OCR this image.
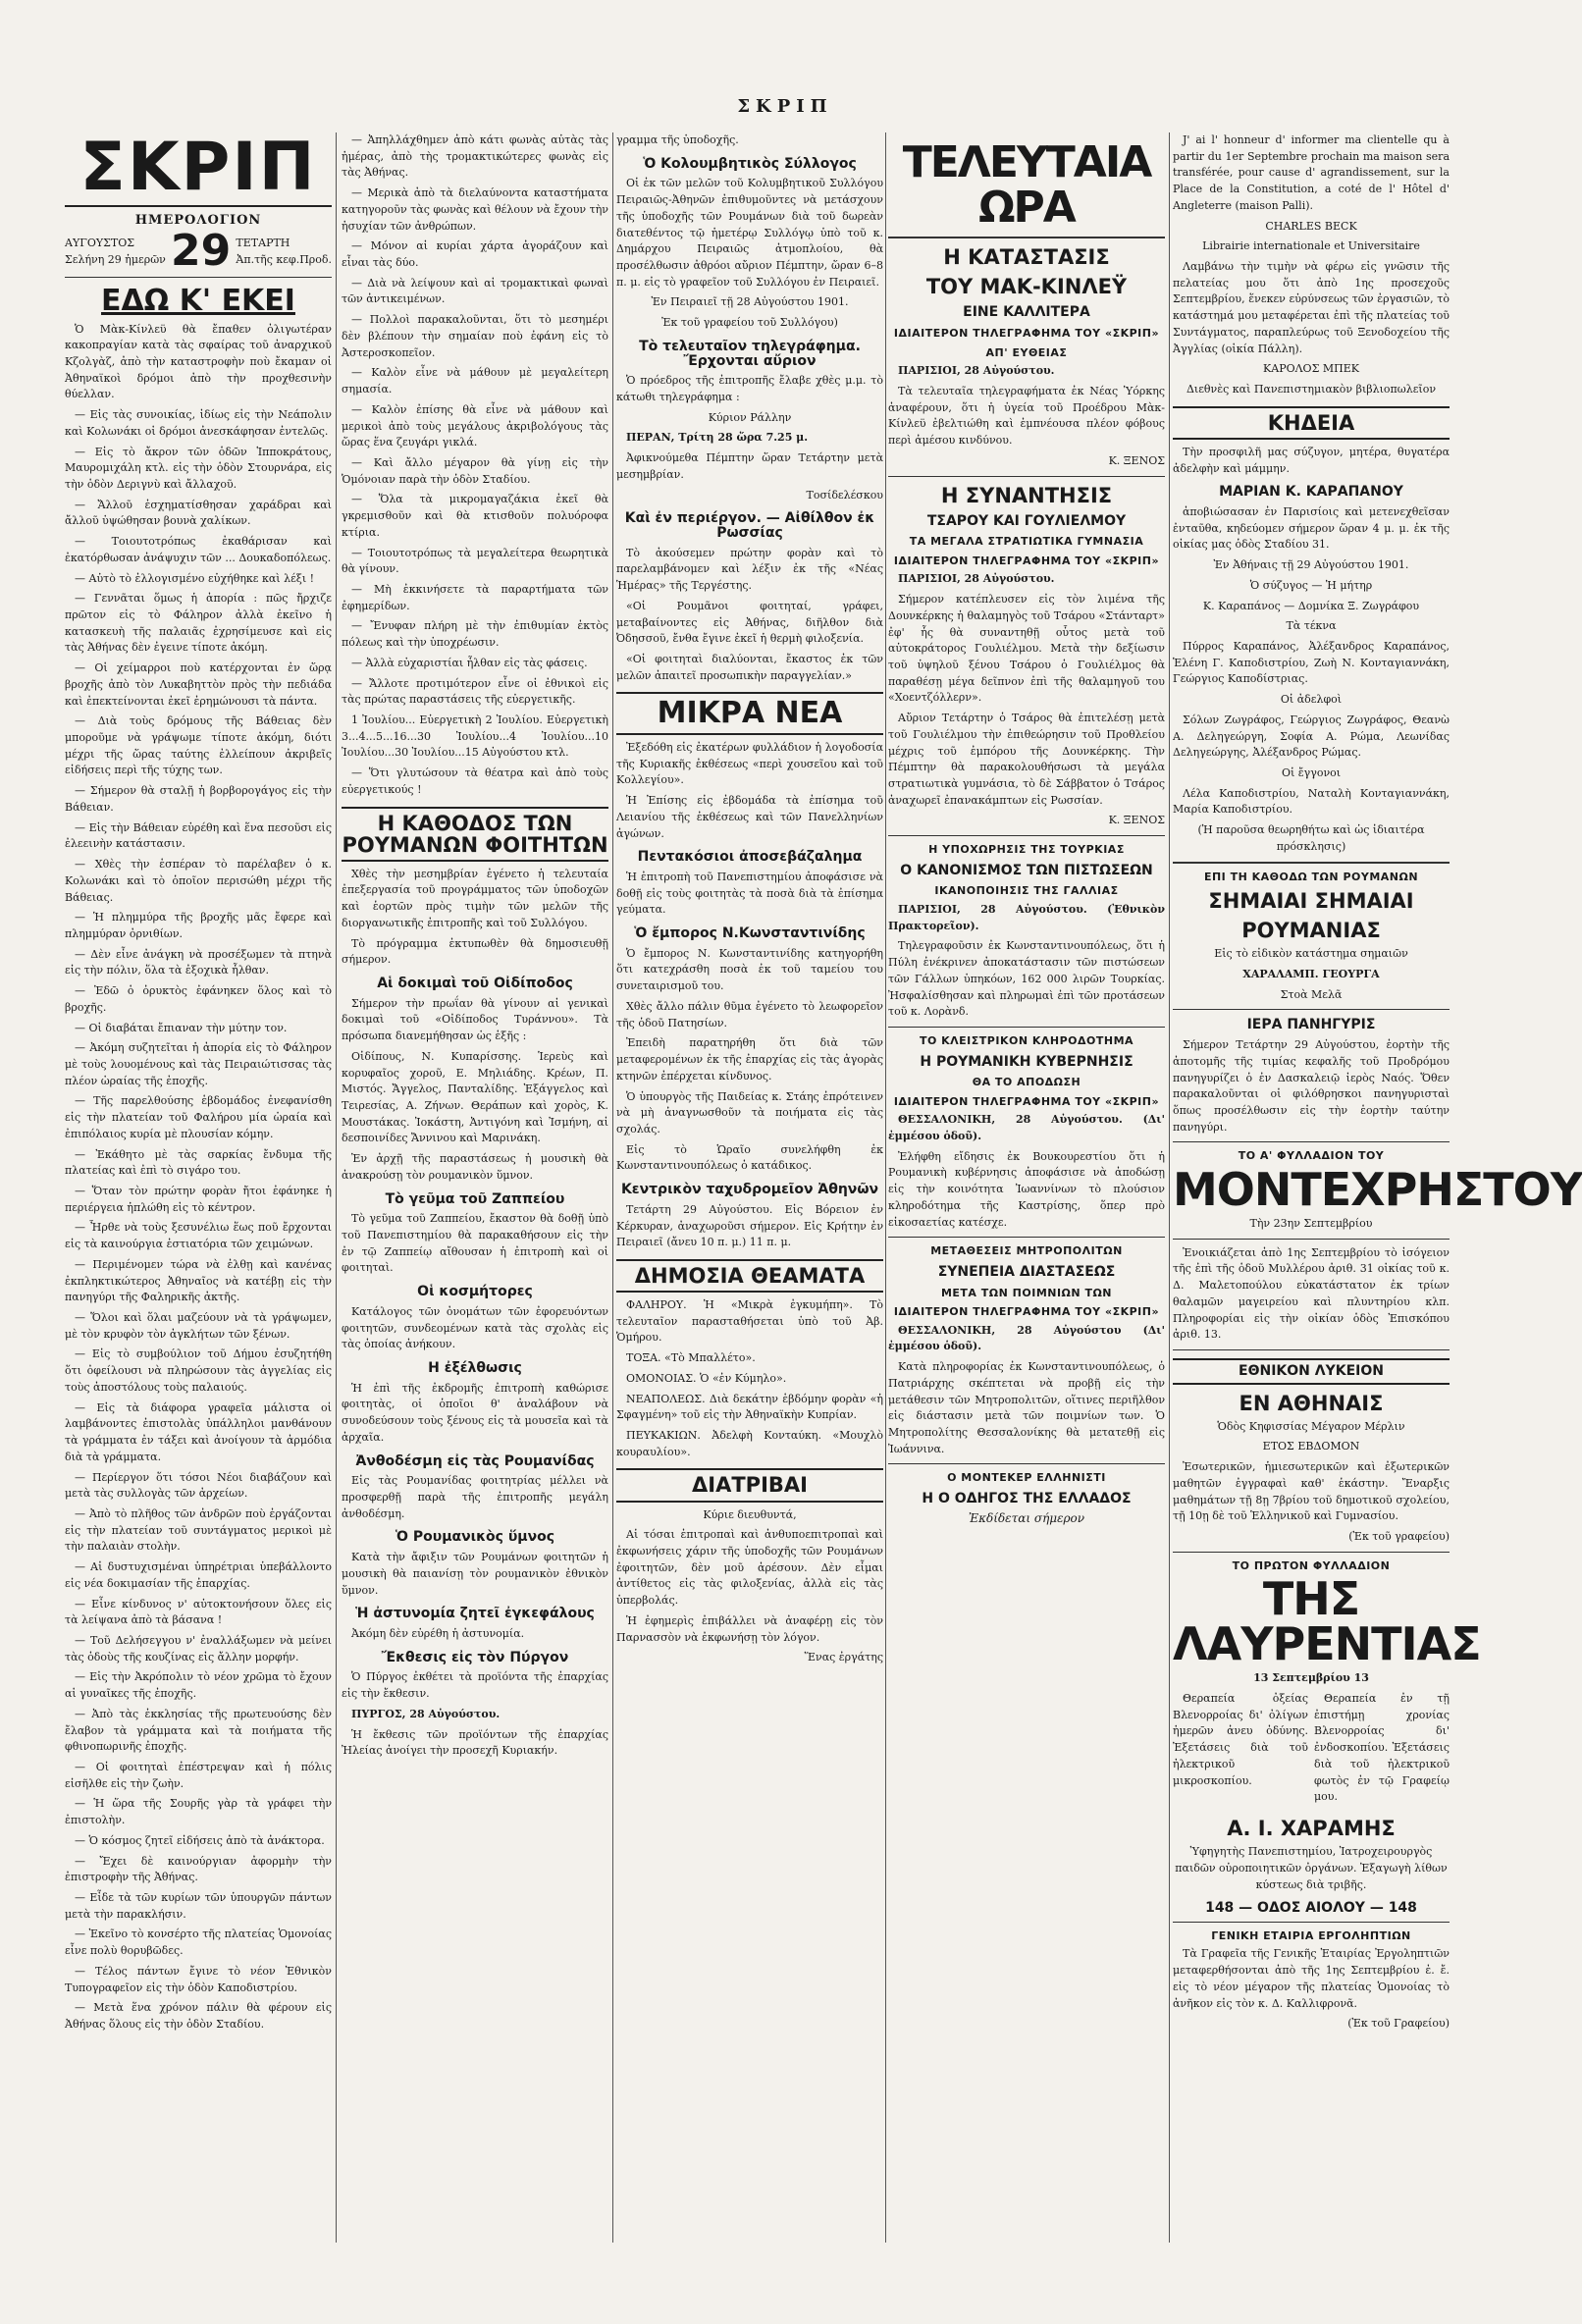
ΣΚΡΙΠ
ΣΚΡΙΠ
ΗΜΕΡΟΛΟΓΙΟΝ
ΑΥΓΟΥΣΤΟΣ
Σελήνη 29 ἡμερῶν 29 ΤΕΤΑΡΤΗ
Ἀπ.τῆς κεφ.Προδ.
ΕΔΩ Κ' ΕΚΕΙ

Ὁ Μὰκ-Κίνλεϋ θὰ ἔπαθεν ὀλιγωτέραν κακοπραγίαν κατὰ τὰς σφαίρας τοῦ ἀναρχικοῦ Κζολγὰζ, ἀπὸ τὴν καταστροφὴν ποὺ ἔκαμαν οἱ Ἀθηναϊκοὶ δρόμοι ἀπὸ τὴν προχθεσινὴν θύελλαν.

— Εἰς τὰς συνοικίας, ἰδίως εἰς τὴν Νεάπολιν καὶ Κολωνάκι οἱ δρόμοι ἀνεσκάφησαν ἐντελῶς.

— Εἰς τὸ ἄκρον τῶν ὁδῶν Ἱπποκράτους, Μαυρομιχάλη κτλ. εἰς τὴν ὁδὸν Στουρνάρα, εἰς τὴν ὁδὸν Δεριγνὺ καὶ ἄλλαχοῦ.

— Ἄλλοῦ ἐσχηματίσθησαν χαράδραι καὶ ἄλλοῦ ὑψώθησαν βουνὰ χαλίκων.

— Τοιουτοτρόπως ἐκαθάρισαν καὶ ἐκατόρθωσαν ἀνάψυχιν τῶν ... Δουκαδοπόλεως.

— Αὐτὸ τὸ ἐλλογισμένο εὐχήθηκε καὶ λέξι !

— Γεννᾶται ὅμως ἡ ἀπορία : πῶς ἤρχιζε πρῶτον εἰς τὸ Φάληρον ἀλλὰ ἐκεῖνο ἡ κατασκευὴ τῆς παλαιᾶς ἐχρησίμευσε καὶ εἰς τὰς Ἀθήνας δὲν ἐγεινε τίποτε ἀκόμη.

— Οἱ χείμαρροι ποὺ κατέρχονται ἐν ὥρᾳ βροχῆς ἀπὸ τὸν Λυκαβηττὸν πρὸς τὴν πεδιάδα καὶ ἐπεκτείνονται ἐκεῖ ἐρημώνουσι τὰ πάντα.

— Διὰ τοὺς δρόμους τῆς Βάθειας δὲν μποροῦμε νὰ γράψωμε τίποτε ἀκόμη, διότι μέχρι τῆς ὥρας ταύτης ἐλλείπουν ἀκριβεῖς εἰδήσεις περὶ τῆς τύχης των.

— Σήμερον θὰ σταλῇ ἡ βορβορογάγος εἰς τὴν Βάθειαν.

— Εἰς τὴν Βάθειαν εὑρέθη καὶ ἕνα πεσοῦσι εἰς ἐλεεινὴν κατάστασιν.

— Χθὲς τὴν ἑσπέραν τὸ παρέλαβεν ὁ κ. Κολωνάκι καὶ τὸ ὁποῖον περισώθη μέχρι τῆς Βάθειας.

— Ἡ πλημμύρα τῆς βροχῆς μᾶς ἔφερε καὶ πλημμύραν ὀρνιθίων.

— Δὲν εἶνε ἀνάγκη νὰ προσέξωμεν τὰ πτηνὰ εἰς τὴν πόλιν, ὅλα τὰ ἐξοχικὰ ἦλθαν.

— Ἐδῶ ὁ ὀρυκτὸς ἐφάνηκεν ὅλος καὶ τὸ βροχῆς.

— Οἱ διαβάται ἔπιαναν τὴν μύτην τον.

— Ἀκόμη συζητεῖται ἡ ἀπορία εἰς τὸ Φάληρον μὲ τοὺς λουομένους καὶ τὰς Πειραιώτισσας τὰς πλέον ὡραίας τῆς ἐποχῆς.

— Τῆς παρελθούσης ἑβδομάδος ἐνεφανίσθη εἰς τὴν πλατείαν τοῦ Φαλήρου μία ὡραία καὶ ἐπιπόλαιος κυρία μὲ πλουσίαν κόμην.

— Ἐκάθητο μὲ τὰς σαρκίας ἔνδυμα τῆς πλατείας καὶ ἐπὶ τὸ σιγάρο του.

— Ὅταν τὸν πρώτην φορὰν ἤτοι ἐφάνηκε ἡ περιέργεια ἠπλώθη εἰς τὸ κέντρον.

— Ἦρθε νὰ τοὺς ξεσυνέλιω ἕως ποῦ ἔρχονται εἰς τὰ καινούργια ἐστιατόρια τῶν χειμώνων.

— Περιμένομεν τώρα νὰ ἐλθῃ καὶ κανένας ἐκπληκτικώτερος Ἀθηναῖος νὰ κατέβῃ εἰς τὴν πανηγύρι τῆς Φαληρικῆς ἀκτῆς.

— Ὅλοι καὶ ὅλαι μαζεύουν νὰ τὰ γράψωμεν, μὲ τὸν κρυφὸν τὸν ἀγκλήτων τῶν ξένων.

— Εἰς τὸ συμβούλιον τοῦ Δήμου ἐσυζητήθη ὅτι ὀφείλουσι νὰ πληρώσουν τὰς ἀγγελίας εἰς τοὺς ἀποστόλους τοὺς παλαιούς.

— Εἰς τὰ διάφορα γραφεῖα μάλιστα οἱ λαμβάνοντες ἐπιστολὰς ὑπάλληλοι μανθάνουν τὰ γράμματα ἐν τάξει καὶ ἀνοίγουν τὰ ἀρμόδια διὰ τὰ γράμματα.

— Περίεργον ὅτι τόσοι Νέοι διαβάζουν καὶ μετὰ τὰς συλλογὰς τῶν ἀρχείων.

— Ἀπὸ τὸ πλῆθος τῶν ἀνδρῶν ποὺ ἐργάζονται εἰς τὴν πλατείαν τοῦ συντάγματος μερικοὶ μὲ τὴν παλαιὰν στολὴν.

— Αἱ δυστυχισμέναι ὑπηρέτριαι ὑπεβάλλοντο εἰς νέα δοκιμασίαν τῆς ἐπαρχίας.

— Εἶνε κίνδυνος ν' αὐτοκτονήσουν ὅλες εἰς τὰ λείψανα ἀπὸ τὰ βάσανα !

— Τοῦ Δελήσεγγου ν' ἐναλλάξωμεν νὰ μείνει τὰς ὁδοὺς τῆς κουζίνας εἰς ἄλλην μορφήν.

— Εἰς τὴν Ἀκρόπολιν τὸ νέον χρῶμα τὸ ἔχουν αἱ γυναῖκες τῆς ἐποχῆς.

— Ἀπὸ τὰς ἐκκλησίας τῆς πρωτευούσης δὲν ἔλαβον τὰ γράμματα καὶ τὰ ποιήματα τῆς φθινοπωρινῆς ἐποχῆς.

— Οἱ φοιτηταὶ ἐπέστρεψαν καὶ ἡ πόλις εἰσῆλθε εἰς τὴν ζωὴν.

— Ἡ ὥρα τῆς Σουρῆς γὰρ τὰ γράφει τὴν ἐπιστολὴν.

— Ὁ κόσμος ζητεῖ εἰδήσεις ἀπὸ τὰ ἀνάκτορα.

— Ἔχει δὲ καινούργιαν ἀφορμὴν τὴν ἐπιστροφὴν τῆς Ἀθήνας.

— Εἶδε τὰ τῶν κυρίων τῶν ὑπουργῶν πάντων μετὰ τὴν παρακλήσιν.

— Ἐκεῖνο τὸ κονσέρτο τῆς πλατείας Ὁμονοίας εἶνε πολὺ θορυβῶδες.

— Τέλος πάντων ἔγινε τὸ νέον Ἐθνικὸν Τυπογραφεῖον εἰς τὴν ὁδὸν Καποδιστρίου.

— Μετὰ ἕνα χρόνον πάλιν θὰ φέρουν εἰς Ἀθήνας ὅλους εἰς τὴν ὁδὸν Σταδίου.

— Ἀπηλλάχθημεν ἀπὸ κάτι φωνὰς αὐτὰς τὰς ἡμέρας, ἀπὸ τὴς τρομακτικώτερες φωνὰς εἰς τὰς Ἀθήνας.

— Μερικὰ ἀπὸ τὰ διελαύνοντα καταστήματα κατηγοροῦν τὰς φωνὰς καὶ θέλουν νὰ ἔχουν τὴν ἡσυχίαν τῶν ἀνθρώπων.

— Μόνον αἱ κυρίαι χάρτα ἀγοράζουν καὶ εἶναι τὰς δύο.

— Διὰ νὰ λείψουν καὶ αἱ τρομακτικαὶ φωναὶ τῶν ἀντικειμένων.

— Πολλοὶ παρακαλοῦνται, ὅτι τὸ μεσημέρι δὲν βλέπουν τὴν σημαίαν ποὺ ἐφάνη εἰς τὸ Ἀστεροσκοπεῖον.

— Καλὸν εἶνε νὰ μάθουν μὲ μεγαλείτερη σημασία.

— Καλὸν ἐπίσης θὰ εἶνε νὰ μάθουν καὶ μερικοὶ ἀπὸ τοὺς μεγάλους ἀκριβολόγους τὰς ὥρας ἕνα ζευγάρι γικλά.

— Καὶ ἄλλο μέγαρον θὰ γίνῃ εἰς τὴν Ὁμόνοιαν παρὰ τὴν ὁδὸν Σταδίου.

— Ὅλα τὰ μικρομαγαζάκια ἐκεῖ θὰ γκρεμισθοῦν καὶ θὰ κτισθοῦν πολυόροφα κτίρια.

— Τοιουτοτρόπως τὰ μεγαλείτερα θεωρητικὰ θὰ γίνουν.

— Μὴ ἐκκινήσετε τὰ παραρτήματα τῶν ἐφημερίδων.

— Ἔνυφαν πλήρη μὲ τὴν ἐπιθυμίαν ἐκτὸς πόλεως καὶ τὴν ὑποχρέωσιν.

— Ἀλλὰ εὐχαριστίαι ἦλθαν εἰς τὰς φάσεις.

— Ἄλλοτε προτιμότερον εἶνε οἱ ἐθνικοὶ εἰς τὰς πρώτας παραστάσεις τῆς εὐεργετικῆς.

1 Ἰουλίου... Εὐεργετικὴ 2 Ἰουλίου. Εὐεργετικὴ 3...4...5...16...30 Ἰουλίου...4 Ἰουλίου...10 Ἰουλίου...30 Ἰουλίου...15 Αὐγούστου κτλ.

— Ὅτι γλυτώσουν τὰ θέατρα καὶ ἀπὸ τοὺς εὐεργετικούς !

Η ΚΑΘΟΔΟΣ ΤΩΝ ΡΟΥΜΑΝΩΝ ΦΟΙΤΗΤΩΝ

Χθὲς τὴν μεσημβρίαν ἐγένετο ἡ τελευταία ἐπεξεργασία τοῦ προγράμματος τῶν ὑποδοχῶν καὶ ἑορτῶν πρὸς τιμὴν τῶν μελῶν τῆς διοργανωτικῆς ἐπιτροπῆς καὶ τοῦ Συλλόγου.

Τὸ πρόγραμμα ἐκτυπωθὲν θὰ δημοσιευθῇ σήμερον.

Αἱ δοκιμαὶ τοῦ Οἰδίποδος

Σήμερον τὴν πρωΐαν θὰ γίνουν αἱ γενικαὶ δοκιμαὶ τοῦ «Οἰδίποδος Τυράννου». Τὰ πρόσωπα διανεμήθησαν ὡς ἑξῆς :

Οἰδίπους, Ν. Κυπαρίσσης. Ἱερεὺς καὶ κορυφαῖος χοροῦ, Ε. Μηλιάδης. Κρέων, Π. Μιστός. Ἄγγελος, Πανταλίδης. Ἐξάγγελος καὶ Τειρεσίας, Α. Ζήνων. Θεράπων καὶ χορὸς, Κ. Μουστάκας. Ἰοκάστη, Ἀντιγόνη καὶ Ἰσμήνη, αἱ δεσποινίδες Ἄννινου καὶ Μαρινάκη.

Ἐν ἀρχῇ τῆς παραστάσεως ἡ μουσικὴ θὰ ἀνακρούσῃ τὸν ρουμανικὸν ὕμνον.

Τὸ γεῦμα τοῦ Ζαππείου

Τὸ γεῦμα τοῦ Ζαππείου, ἔκαστον θὰ δοθῇ ὑπὸ τοῦ Πανεπιστημίου θὰ παρακαθήσουν εἰς τὴν ἐν τῷ Ζαππείῳ αἴθουσαν ἡ ἐπιτροπὴ καὶ οἱ φοιτηταὶ.

Οἱ κοσμήτορες

Κατάλογος τῶν ὀνομάτων τῶν ἐφορευόντων φοιτητῶν, συνδεομένων κατὰ τὰς σχολὰς εἰς τὰς ὁποίας ἀνήκουν.

Η ἐξέλθωσις

Ἡ ἐπὶ τῆς ἐκδρομῆς ἐπιτροπὴ καθώρισε φοιτητὰς, οἱ ὁποῖοι θ' ἀναλάβουν νὰ συνοδεύσουν τοὺς ξένους εἰς τὰ μουσεῖα καὶ τὰ ἀρχαῖα.

Ἀνθοδέσμη εἰς τὰς Ρουμανίδας

Εἰς τὰς Ρουμανίδας φοιτητρίας μέλλει νὰ προσφερθῇ παρὰ τῆς ἐπιτροπῆς μεγάλη ἀνθοδέσμη.

Ὁ Ρουμανικὸς ὕμνος

Κατὰ τὴν ἄφιξιν τῶν Ρουμάνων φοιτητῶν ἡ μουσικὴ θὰ παιανίσῃ τὸν ρουμανικὸν ἐθνικὸν ὕμνον.

Ἡ ἀστυνομία ζητεῖ ἐγκεφάλους

Ἀκόμη δὲν εὑρέθη ἡ ἀστυνομία.

Ἔκθεσις εἰς τὸν Πύργον

Ὁ Πύργος ἐκθέτει τὰ προϊόντα τῆς ἐπαρχίας εἰς τὴν ἔκθεσιν.

ΠΥΡΓΟΣ, 28 Αὐγούστου.

Ἡ ἔκθεσις τῶν προϊόντων τῆς ἐπαρχίας Ἠλείας ἀνοίγει τὴν προσεχῆ Κυριακήν.

γραμμα τῆς ὑποδοχῆς.

Ὁ Κολουμβητικὸς Σύλλογος

Οἱ ἐκ τῶν μελῶν τοῦ Κολυμβητικοῦ Συλλόγου Πειραιῶς-Ἀθηνῶν ἐπιθυμοῦντες νὰ μετάσχουν τῆς ὑποδοχῆς τῶν Ρουμάνων διὰ τοῦ δωρεὰν διατεθέντος τῷ ἡμετέρῳ Συλλόγῳ ὑπὸ τοῦ κ. Δημάρχου Πειραιῶς ἀτμοπλοίου, θὰ προσέλθωσιν ἀθρόοι αὔριον Πέμπτην, ὥραν 6–8 π. μ. εἰς τὸ γραφεῖον τοῦ Συλλόγου ἐν Πειραιεῖ.

Ἐν Πειραιεῖ τῇ 28 Αὐγούστου 1901.

Ἐκ τοῦ γραφείου τοῦ Συλλόγου)

Τὸ τελευταῖον τηλεγράφημα. Ἔρχονται αὔριον

Ὁ πρόεδρος τῆς ἐπιτροπῆς ἔλαβε χθὲς μ.μ. τὸ κάτωθι τηλεγράφημα :

Κύριον Ράλλην

ΠΕΡΑΝ, Τρίτη 28 ὥρα 7.25 μ.

Ἀφικνούμεθα Πέμπτην ὥραν Τετάρτην μετὰ μεσημβρίαν.

Τοσίδελέσκου

Καὶ ἐν περιέργον. — Αἰθίλθον ἐκ Ρωσσίας

Τὸ ἀκούσεμεν πρώτην φορὰν καὶ τὸ παρελαμβάνομεν καὶ λέξιν ἐκ τῆς «Νέας Ἡμέρας» τῆς Τεργέστης.

«Οἱ Ρουμᾶνοι φοιτηταί, γράφει, μεταβαίνοντες εἰς Ἀθήνας, διῆλθον διὰ Ὀδησσοῦ, ἔνθα ἔγινε ἐκεῖ ἡ θερμὴ φιλοξενία.

«Οἱ φοιτηταὶ διαλύονται, ἔκαστος ἐκ τῶν μελῶν ἀπαιτεῖ προσωπικὴν παραγγελίαν.»

ΜΙΚΡΑ ΝΕΑ

Ἐξεδόθη εἰς ἐκατέρων φυλλάδιον ἡ λογοδοσία τῆς Κυριακῆς ἐκθέσεως «περὶ χουσεῖου καὶ τοῦ Κολλεγίου».

Ἡ Ἐπίσης εἰς ἐβδομάδα τὰ ἐπίσημα τοῦ Λειανίου τῆς ἐκθέσεως καὶ τῶν Πανελληνίων ἀγώνων.

Πεντακόσιοι ἀποσεβάζαλημα

Ἡ ἐπιτροπὴ τοῦ Πανεπιστημίου ἀποφάσισε νὰ δοθῇ εἰς τοὺς φοιτητὰς τὰ ποσὰ διὰ τὰ ἐπίσημα γεύματα.

Ὁ ἔμπορος Ν.Κωνσταντινίδης

Ὁ ἔμπορος Ν. Κωνσταντινίδης κατηγορήθη ὅτι κατεχράσθη ποσὰ ἐκ τοῦ ταμείου του συνεταιρισμοῦ του.

Χθὲς ἄλλο πάλιν θῦμα ἐγένετο τὸ λεωφορεῖον τῆς ὁδοῦ Πατησίων.

Ἐπειδὴ παρατηρήθη ὅτι διὰ τῶν μεταφερομένων ἐκ τῆς ἐπαρχίας εἰς τὰς ἀγορὰς κτηνῶν ἐπέρχεται κίνδυνος.

Ὁ ὑπουργὸς τῆς Παιδείας κ. Στάης ἐπρότεινεν νὰ μὴ ἀναγνωσθοῦν τὰ ποιήματα εἰς τὰς σχολάς.

Εἰς τὸ Ὡραῖο συνελήφθη ἐκ Κωνσταντινουπόλεως ὁ κατάδικος.

Κεντρικὸν ταχυδρομεῖον Ἀθηνῶν

Τετάρτη 29 Αὐγούστου. Εἰς Βόρειον ἐν Κέρκυραν, ἀναχωροῦσι σήμερον. Εἰς Κρήτην ἐν Πειραιεῖ (ἄνευ 10 π. μ.) 11 π. μ.

ΔΗΜΟΣΙΑ ΘΕΑΜΑΤΑ

ΦΑΛΗΡΟΥ. Ἡ «Μικρὰ ἐγκυμήπη». Τὸ τελευταῖον παρασταθήσεται ὑπὸ τοῦ Ἀβ. Ὁμήρου.

ΤΟΞΑ. «Τὸ Μπαλλέτο».

ΟΜΟΝΟΙΑΣ. Ὁ «ἐν Κύμηλο».

ΝΕΑΠΟΛΕΩΣ. Διὰ δεκάτην ἑβδόμην φορὰν «ἡ Σφαγμένη» τοῦ εἰς τὴν Ἀθηναϊκὴν Κυπρίαν.

ΠΕΥΚΑΚΙΩΝ. Ἀδελφὴ Κονταύκη. «Μουχλὸ κουραυλίου».

ΔΙΑΤΡΙΒΑΙ

Κύριε διευθυντά,

Αἱ τόσαι ἐπιτροπαὶ καὶ ἀνθυποεπιτροπαὶ καὶ ἐκφωνήσεις χάριν τῆς ὑποδοχῆς τῶν Ρουμάνων ἐφοιτητῶν, δὲν μοῦ ἀρέσουν. Δὲν εἶμαι ἀντίθετος εἰς τὰς φιλοξενίας, ἀλλὰ εἰς τὰς ὑπερβολάς.

Ἡ ἐφημερὶς ἐπιβάλλει νὰ ἀναφέρῃ εἰς τὸν Παρνασσὸν νὰ ἐκφωνήσῃ τὸν λόγον.

Ἕνας ἐργάτης

ΤΕΛΕΥΤΑΙΑ ΩΡΑ
Η ΚΑΤΑΣΤΑΣΙΣ
ΤΟΥ ΜΑΚ-ΚΙΝΛΕΫ
ΕΙΝΕ ΚΑΛΛΙΤΕΡΑ
ΙΔΙΑΙΤΕΡΟΝ ΤΗΛΕΓΡΑΦΗΜΑ ΤΟΥ «ΣΚΡΙΠ»
ΑΠ' ΕΥΘΕΙΑΣ

ΠΑΡΙΣΙΟΙ, 28 Αὐγούστου.

Τὰ τελευταῖα τηλεγραφήματα ἐκ Νέας Ὑόρκης ἀναφέρουν, ὅτι ἡ ὑγεία τοῦ Προέδρου Μὰκ-Κίνλεϋ ἐβελτιώθη καὶ ἐμπνέουσα πλέον φόβους περὶ ἀμέσου κινδύνου.

Κ. ΞΕΝΟΣ

Η ΣΥΝΑΝΤΗΣΙΣ
ΤΣΑΡΟΥ ΚΑΙ ΓΟΥΛΙΕΛΜΟΥ
ΤΑ ΜΕΓΑΛΑ ΣΤΡΑΤΙΩΤΙΚΑ ΓΥΜΝΑΣΙΑ
ΙΔΙΑΙΤΕΡΟΝ ΤΗΛΕΓΡΑΦΗΜΑ ΤΟΥ «ΣΚΡΙΠ»

ΠΑΡΙΣΙΟΙ, 28 Αὐγούστου.

Σήμερον κατέπλευσεν εἰς τὸν λιμένα τῆς Δουνκέρκης ἡ θαλαμηγὸς τοῦ Τσάρου «Στάνταρτ» ἐφ' ἧς θὰ συναντηθῇ οὗτος μετὰ τοῦ αὐτοκράτορος Γουλιέλμου. Μετὰ τὴν δεξίωσιν τοῦ ὑψηλοῦ ξένου Τσάρου ὁ Γουλιέλμος θὰ παραθέσῃ μέγα δεῖπνον ἐπὶ τῆς θαλαμηγοῦ του «Χοεντζόλλερν».

Αὔριον Τετάρτην ὁ Τσάρος θὰ ἐπιτελέσῃ μετὰ τοῦ Γουλιέλμου τὴν ἐπιθεώρησιν τοῦ Προθλείου μέχρις τοῦ ἐμπόρου τῆς Δουνκέρκης. Τὴν Πέμπτην θὰ παρακολουθήσωσι τὰ μεγάλα στρατιωτικὰ γυμνάσια, τὸ δὲ Σάββατον ὁ Τσάρος ἀναχωρεῖ ἐπανακάμπτων εἰς Ρωσσίαν.

Κ. ΞΕΝΟΣ

Η ΥΠΟΧΩΡΗΣΙΣ ΤΗΣ ΤΟΥΡΚΙΑΣ
Ο ΚΑΝΟΝΙΣΜΟΣ ΤΩΝ ΠΙΣΤΩΣΕΩΝ
ΙΚΑΝΟΠΟΙΗΣΙΣ ΤΗΣ ΓΑΛΛΙΑΣ

ΠΑΡΙΣΙΟΙ, 28 Αὐγούστου. (Ἐθνικὸν Πρακτορεῖον).

Τηλεγραφοῦσιν ἐκ Κωνσταντινουπόλεως, ὅτι ἡ Πύλη ἐνέκρινεν ἀποκατάστασιν τῶν πιστώσεων τῶν Γάλλων ὑπηκόων, 162 000 λιρῶν Τουρκίας. Ἠσφαλίσθησαν καὶ πληρωμαὶ ἐπὶ τῶν προτάσεων τοῦ κ. Λορὰνδ.

ΤΟ ΚΛΕΙΣΤΡΙΚΟΝ ΚΛΗΡΟΔΟΤΗΜΑ
Η ΡΟΥΜΑΝΙΚΗ ΚΥΒΕΡΝΗΣΙΣ
ΘΑ ΤΟ ΑΠΟΔΩΣΗ
ΙΔΙΑΙΤΕΡΟΝ ΤΗΛΕΓΡΑΦΗΜΑ ΤΟΥ «ΣΚΡΙΠ»

ΘΕΣΣΑΛΟΝΙΚΗ, 28 Αὐγούστου. (Δι' ἐμμέσου ὁδοῦ).

Ἐλήφθη εἴδησις ἐκ Βουκουρεστίου ὅτι ἡ Ρουμανικὴ κυβέρνησις ἀποφάσισε νὰ ἀποδώσῃ εἰς τὴν κοινότητα Ἰωαννίνων τὸ πλούσιον κληροδότημα τῆς Καστρίσης, ὅπερ πρὸ εἰκοσαετίας κατέσχε.

ΜΕΤΑΘΕΣΕΙΣ ΜΗΤΡΟΠΟΛΙΤΩΝ
ΣΥΝΕΠΕΙΑ ΔΙΑΣΤΑΣΕΩΣ
ΜΕΤΑ ΤΩΝ ΠΟΙΜΝΙΩΝ ΤΩΝ
ΙΔΙΑΙΤΕΡΟΝ ΤΗΛΕΓΡΑΦΗΜΑ ΤΟΥ «ΣΚΡΙΠ»

ΘΕΣΣΑΛΟΝΙΚΗ, 28 Αὐγούστου (Δι' ἐμμέσου ὁδοῦ).

Κατὰ πληροφορίας ἐκ Κωνσταντινουπόλεως, ὁ Πατριάρχης σκέπτεται νὰ προβῇ εἰς τὴν μετάθεσιν τῶν Μητροπολιτῶν, οἵτινες περιῆλθον εἰς διάστασιν μετὰ τῶν ποιμνίων των. Ὁ Μητροπολίτης Θεσσαλονίκης θὰ μετατεθῇ εἰς Ἰωάννινα.

Ο ΜΟΝΤΕΚΕΡ ΕΛΛΗΝΙΣΤΙ
Η Ο ΟΔΗΓΟΣ ΤΗΣ ΕΛΛΑΔΟΣ
Ἐκδίδεται σήμερον

J' ai l' honneur d' informer ma clientelle qu à partir du 1er Septembre prochain ma maison sera transférée, pour cause d' agrandissement, sur la Place de la Constitution, a coté de l' Hôtel d' Angleterre (maison Palli).

CHARLES BECK

Librairie internationale et Universitaire

Λαμβάνω τὴν τιμὴν νὰ φέρω εἰς γνῶσιν τῆς πελατείας μου ὅτι ἀπὸ 1ης προσεχοῦς Σεπτεμβρίου, ἕνεκεν εὐρύνσεως τῶν ἐργασιῶν, τὸ κατάστημά μου μεταφέρεται ἐπὶ τῆς πλατείας τοῦ Συντάγματος, παραπλεύρως τοῦ Ξενοδοχείου τῆς Ἀγγλίας (οἰκία Πάλλη).

ΚΑΡΟΛΟΣ ΜΠΕΚ

Διεθνὲς καὶ Πανεπιστημιακὸν βιβλιοπωλεῖον

ΚΗΔΕΙΑ

Τὴν προσφιλῆ μας σύζυγον, μητέρα, θυγατέρα ἀδελφὴν καὶ μάμμην.

ΜΑΡΙΑΝ Κ. ΚΑΡΑΠΑΝΟΥ

ἀποβιώσασαν ἐν Παρισίοις καὶ μετενεχθεῖσαν ἐνταῦθα, κηδεύομεν σήμερον ὥραν 4 μ. μ. ἐκ τῆς οἰκίας μας ὁδὸς Σταδίου 31.

Ἐν Ἀθήναις τῇ 29 Αὐγούστου 1901.

Ὁ σύζυγος — Ἡ μήτηρ

Κ. Καραπάνος — Δομνίκα Ξ. Ζωγράφου

Τὰ τέκνα

Πύρρος Καραπάνος, Ἀλέξανδρος Καραπάνος, Ἑλένη Γ. Καποδιστρίου, Ζωὴ Ν. Κονταγιαννάκη, Γεώργιος Καποδίστριας.

Οἱ ἀδελφοὶ

Σόλων Ζωγράφος, Γεώργιος Ζωγράφος, Θεανὼ Α. Δεληγεώργη, Σοφία Α. Ρώμα, Λεωνίδας Δεληγεώργης, Ἀλέξανδρος Ρώμας.

Οἱ ἔγγονοι

Λέλα Καποδιστρίου, Ναταλὴ Κονταγιαννάκη, Μαρία Καποδιστρίου.

(Ἡ παροῦσα θεωρηθήτω καὶ ὡς ἰδιαιτέρα πρόσκλησις)

ΕΠΙ ΤΗ ΚΑΘΟΔΩ ΤΩΝ ΡΟΥΜΑΝΩΝ
ΣΗΜΑΙΑΙ ΣΗΜΑΙΑΙ
ΡΟΥΜΑΝΙΑΣ

Εἰς τὸ εἰδικὸν κατάστημα σημαιῶν

ΧΑΡΑΛΑΜΠ. ΓΕΟΥΡΓΑ

Στοὰ Μελᾶ

ΙΕΡΑ ΠΑΝΗΓΥΡΙΣ

Σήμερον Τετάρτην 29 Αὐγούστου, ἑορτὴν τῆς ἀποτομῆς τῆς τιμίας κεφαλῆς τοῦ Προδρόμου πανηγυρίζει ὁ ἐν Δασκαλειῷ ἱερὸς Ναός. Ὅθεν παρακαλοῦνται οἱ φιλόθρησκοι πανηγυρισταὶ ὅπως προσέλθωσιν εἰς τὴν ἑορτὴν ταύτην πανηγύρι.

ΤΟ Α' ΦΥΛΛΑΔΙΟΝ ΤΟΥ
ΜΟΝΤΕΧΡΗΣΤΟΥ

Τὴν 23ην Σεπτεμβρίου

Ἐνοικιάζεται ἀπὸ 1ης Σεπτεμβρίου τὸ ἰσόγειον τῆς ἐπὶ τῆς ὁδοῦ Μυλλέρου ἀριθ. 31 οἰκίας τοῦ κ. Δ. Μαλετοπούλου εὐκατάστατον ἐκ τρίων θαλαμῶν μαγειρείου καὶ πλυντηρίου κλπ. Πληροφορίαι εἰς τὴν οἰκίαν ὁδὸς Ἐπισκόπου ἀριθ. 13.

ΕΘΝΙΚΟΝ ΛΥΚΕΙΟΝ
ΕΝ ΑΘΗΝΑΙΣ

Ὁδὸς Κηφισσίας Μέγαρον Μέρλιν

ΕΤΟΣ ΕΒΔΟΜΟΝ

Ἐσωτερικῶν, ἡμιεσωτερικῶν καὶ ἐξωτερικῶν μαθητῶν ἐγγραφαὶ καθ' ἑκάστην. Ἔναρξις μαθημάτων τῇ 8ῃ 7βρίου τοῦ δημοτικοῦ σχολείου, τῇ 10ῃ δὲ τοῦ Ἑλληνικοῦ καὶ Γυμνασίου.

(Ἐκ τοῦ γραφείου)

ΤΟ ΠΡΩΤΟΝ ΦΥΛΛΑΔΙΟΝ
ΤΗΣ ΛΑΥΡΕΝΤΙΑΣ

13 Σεπτεμβρίου 13

Θεραπεία ὀξείας Βλενορροίας δι' ὀλίγων ἡμερῶν ἀνευ ὀδύνης. Ἐξετάσεις διὰ τοῦ ἠλεκτρικοῦ μικροσκοπίου.

Θεραπεία ἐν τῇ ἐπιστήμῃ χρονίας Βλενορροίας δι' ἐνδοσκοπίου. Ἐξετάσεις διὰ τοῦ ἠλεκτρικοῦ φωτὸς ἐν τῷ Γραφείῳ μου.

Α. Ι. ΧΑΡΑΜΗΣ

Ὑφηγητὴς Πανεπιστημίου, Ἰατροχειρουργὸς παιδῶν οὐροποιητικῶν ὀργάνων. Ἐξαγωγὴ λίθων κύστεως διὰ τριβῆς.

148 — ΟΔΟΣ ΑΙΟΛΟΥ — 148
ΓΕΝΙΚΗ ΕΤΑΙΡΙΑ ΕΡΓΟΛΗΠΤΙΩΝ

Τὰ Γραφεῖα τῆς Γενικῆς Ἑταιρίας Ἐργοληπτιῶν μεταφερθήσονται ἀπὸ τῆς 1ης Σεπτεμβρίου ἐ. ἔ. εἰς τὸ νέον μέγαρον τῆς πλατείας Ὁμονοίας τὸ ἀνῆκον εἰς τὸν κ. Δ. Καλλιφρονᾶ.

(Ἐκ τοῦ Γραφείου)
